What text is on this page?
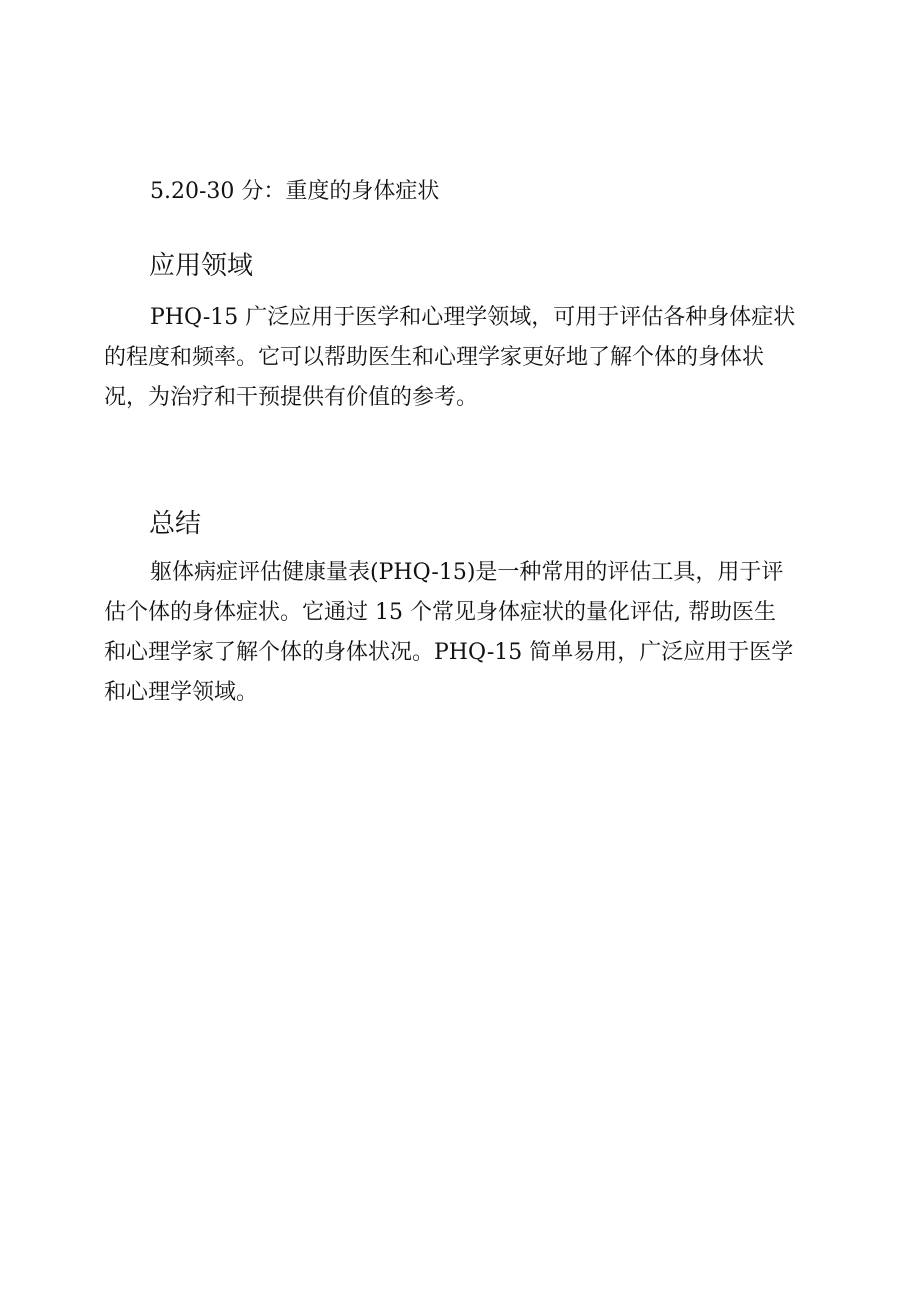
5.20-30 分：重度的身体症状

应用领域

PHQ-15 广泛应用于医学和心理学领域，可用于评估各种身体症状
的程度和频率。它可以帮助医生和心理学家更好地了解个体的身体状
况，为治疗和干预提供有价值的参考。

总结

躯体病症评估健康量表(PHQ-15)是一种常用的评估工具，用于评
估个体的身体症状。它通过 15 个常见身体症状的量化评估, 帮助医生
和心理学家了解个体的身体状况。PHQ-15 简单易用，广泛应用于医学
和心理学领域。
